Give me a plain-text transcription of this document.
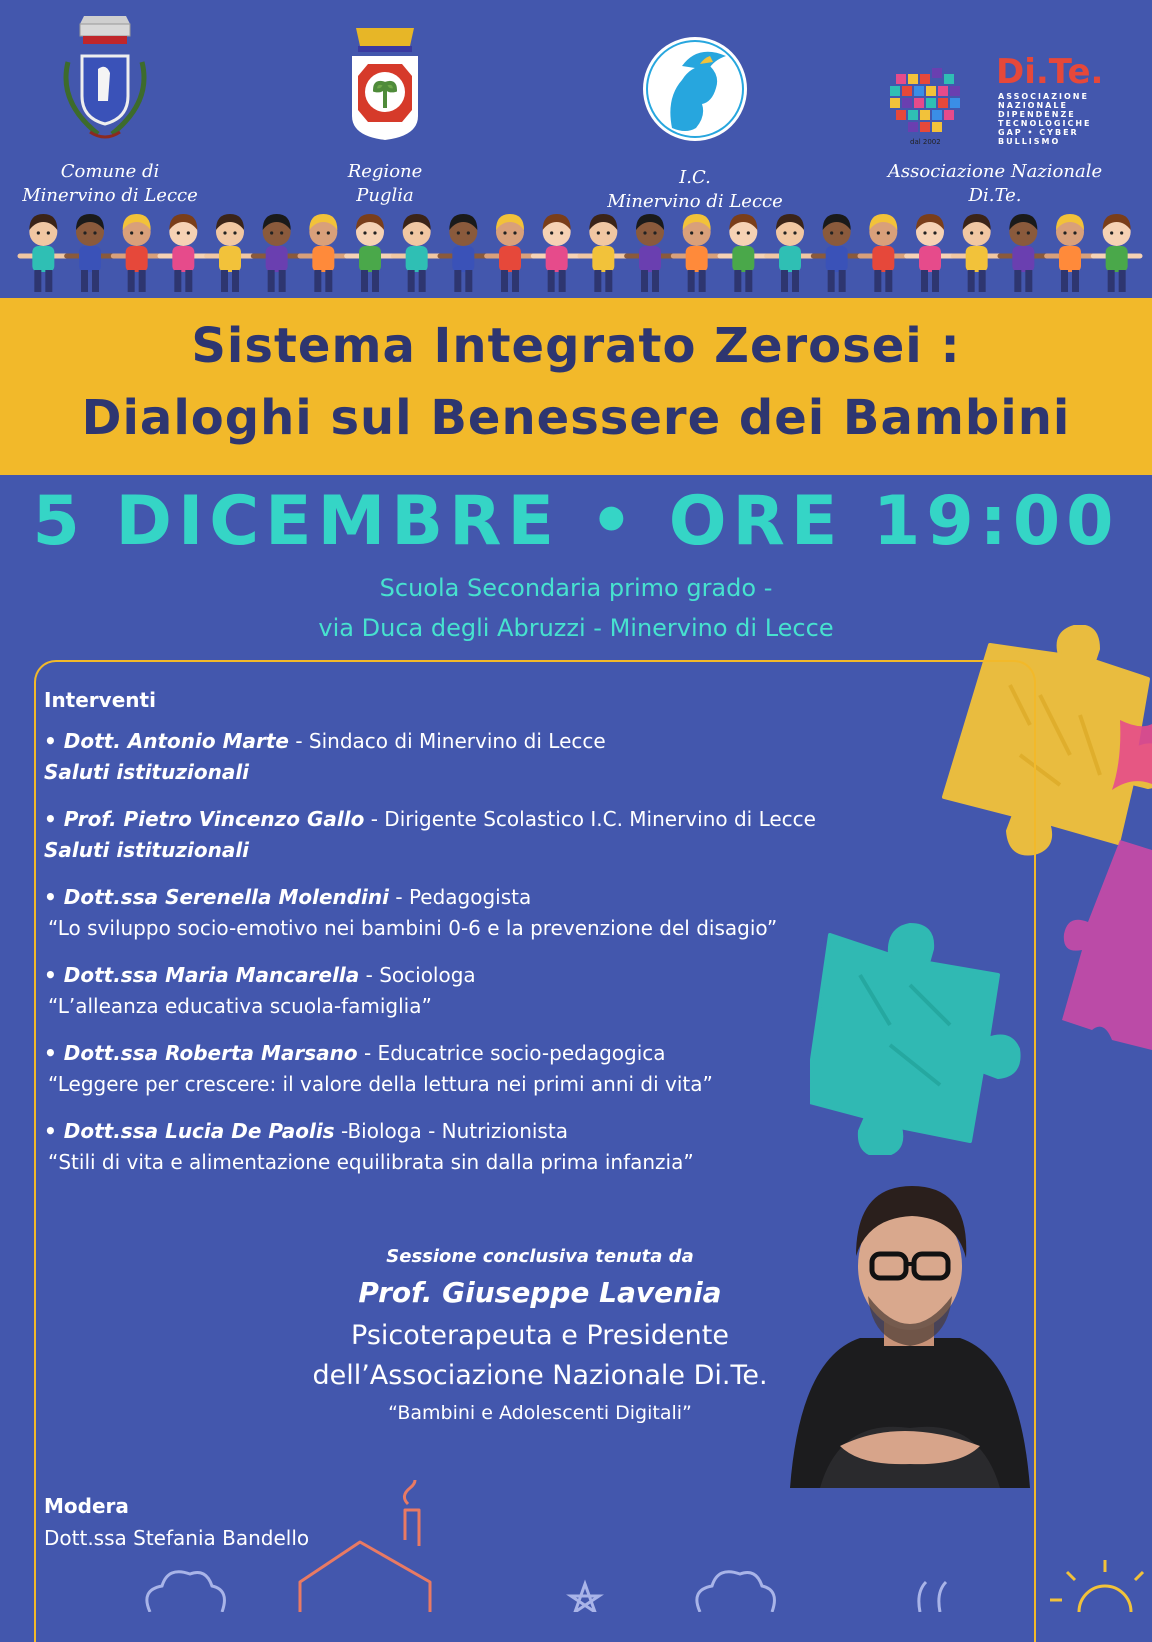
dal 2002
Di.Te.
ASSOCIAZIONE
NAZIONALE
DIPENDENZE
TECNOLOGICHE
GAP • CYBER
BULLISMO
Comune di
Minervino di Lecce
Regione
Puglia
I.C.
Minervino di Lecce
Associazione Nazionale
Di.Te.
Sistema Integrato Zerosei :
Dialoghi sul Benessere dei Bambini
5 DICEMBRE • ORE 19:00
Scuola Secondaria primo grado -
via Duca degli Abruzzi - Minervino di Lecce
Interventi
• Dott. Antonio Marte - Sindaco di Minervino di Lecce
Saluti istituzionali
• Prof. Pietro Vincenzo Gallo - Dirigente Scolastico I.C. Minervino di Lecce
Saluti istituzionali
• Dott.ssa Serenella Molendini - Pedagogista
“Lo sviluppo socio-emotivo nei bambini 0-6 e la prevenzione del disagio”
• Dott.ssa Maria Mancarella - Sociologa
“L’alleanza educativa scuola-famiglia”
• Dott.ssa Roberta Marsano - Educatrice socio-pedagogica
“Leggere per crescere: il valore della lettura nei primi anni di vita”
• Dott.ssa Lucia De Paolis -Biologa - Nutrizionista
“Stili di vita e alimentazione equilibrata sin dalla prima infanzia”
Sessione conclusiva tenuta da
Prof. Giuseppe Lavenia
Psicoterapeuta e Presidente
dell’Associazione Nazionale Di.Te.
“Bambini e Adolescenti Digitali”
Modera
Dott.ssa Stefania Bandello
